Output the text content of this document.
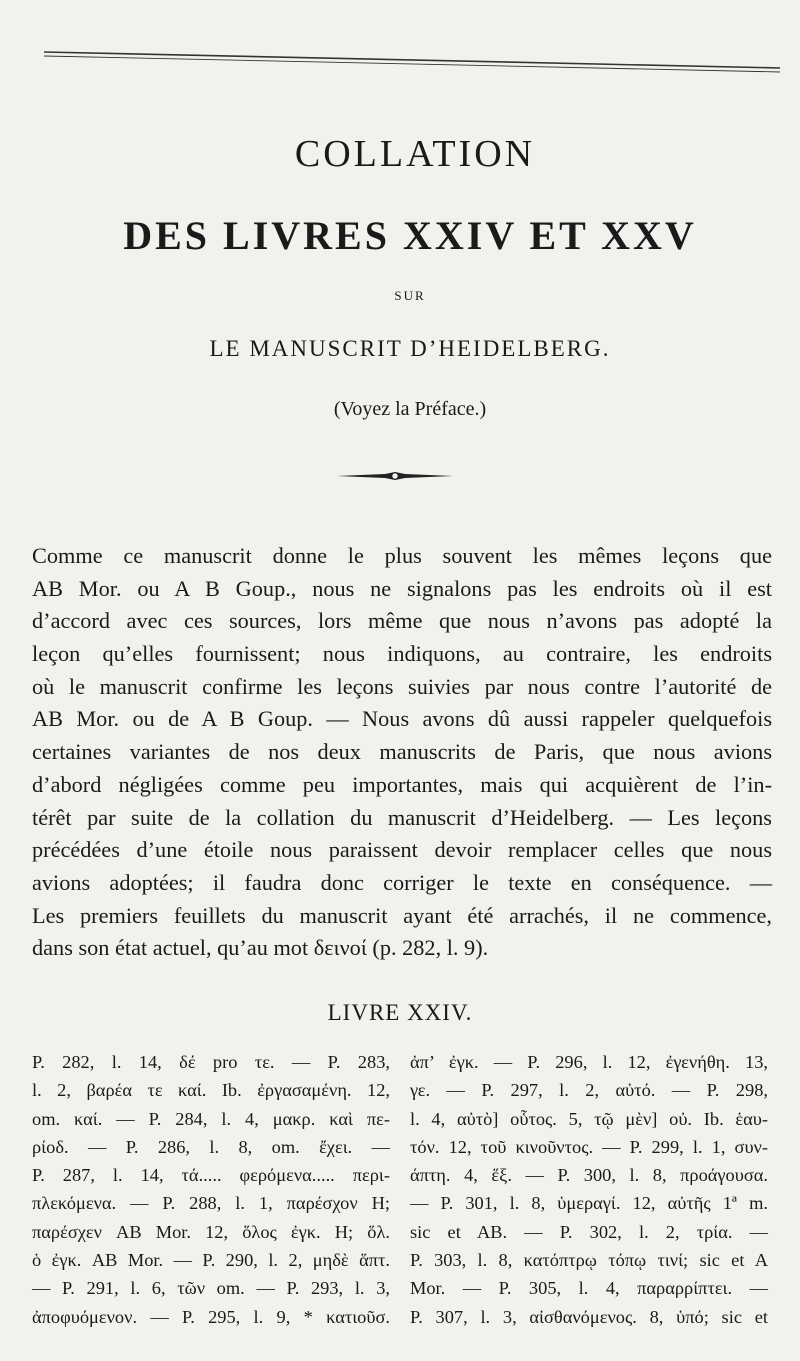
COLLATION
DES LIVRES XXIV ET XXV
SUR
LE MANUSCRIT D’HEIDELBERG.
(Voyez la Préface.)
Comme ce manuscrit donne le plus souvent les mêmes leçons que
AB Mor. ou A B Goup., nous ne signalons pas les endroits où il est
d’accord avec ces sources, lors même que nous n’avons pas adopté la
leçon qu’elles fournissent; nous indiquons, au contraire, les endroits
où le manuscrit confirme les leçons suivies par nous contre l’autorité de
AB Mor. ou de A B Goup. — Nous avons dû aussi rappeler quelquefois
certaines variantes de nos deux manuscrits de Paris, que nous avions
d’abord négligées comme peu importantes, mais qui acquièrent de l’in-
térêt par suite de la collation du manuscrit d’Heidelberg. — Les leçons
précédées d’une étoile nous paraissent devoir remplacer celles que nous
avions adoptées; il faudra donc corriger le texte en conséquence. —
Les premiers feuillets du manuscrit ayant été arrachés, il ne commence,
dans son état actuel, qu’au mot δεινοί (p. 282, l. 9).
LIVRE XXIV.
P. 282, l. 14, δέ pro τε. — P. 283,
l. 2, βαρέα τε καί. Ib. ἐργασαμένη. 12,
om. καί. — P. 284, l. 4, μακρ. καὶ πε-
ρίοδ. — P. 286, l. 8, om. ἔχει. —
P. 287, l. 14, τά..... φερόμενα..... περι-
πλεκόμενα. — P. 288, l. 1, παρέσχον H;
παρέσχεν AB Mor. 12, ὅλος ἐγκ. H; ὅλ.
ὁ ἐγκ. AB Mor. — P. 290, l. 2, μηδὲ ἅπτ.
— P. 291, l. 6, τῶν om. — P. 293, l. 3,
ἀποφυόμενον. — P. 295, l. 9, * κατιοῦσ.
ἀπ’ ἐγκ. — P. 296, l. 12, ἐγενήθη. 13,
γε. — P. 297, l. 2, αὐτό. — P. 298,
l. 4, αὐτὸ] οὗτος. 5, τῷ μὲν] οὐ. Ib. ἑαυ-
τόν. 12, τοῦ κινοῦντος. — P. 299, l. 1, συν-
άπτη. 4, ἕξ. — P. 300, l. 8, προάγουσα.
— P. 301, l. 8, ὑμεραγί. 12, αὐτῆς 1ª m.
sic et AB. — P. 302, l. 2, τρία. —
P. 303, l. 8, κατόπτρῳ τόπῳ τινί; sic et A
Mor. — P. 305, l. 4, παραρρίπτει. —
P. 307, l. 3, αἰσθανόμενος. 8, ὑπό; sic et
